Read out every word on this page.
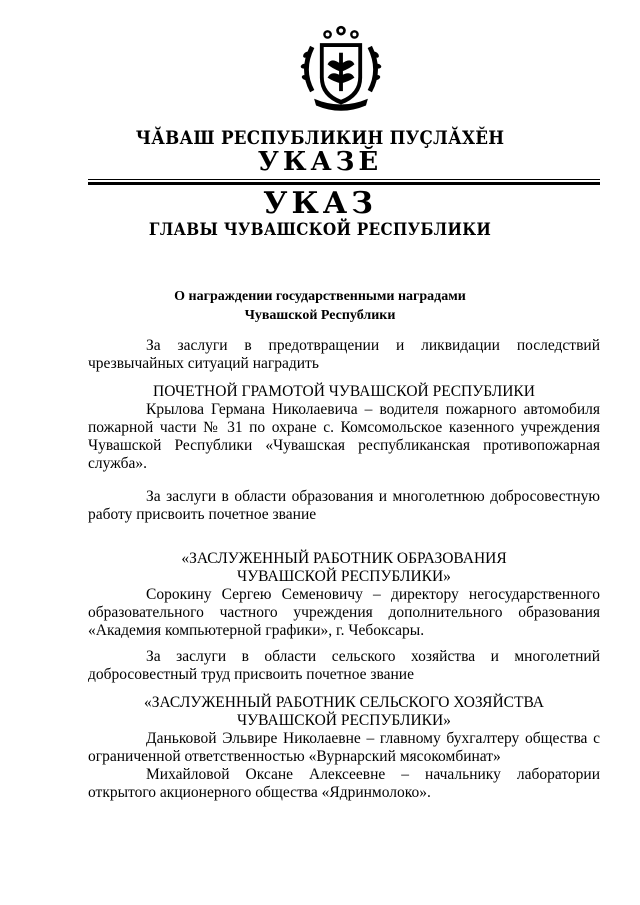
ЧӐВАШ РЕСПУБЛИКИН ПУҪЛӐХӖН
УКАЗӖ
УКАЗ
ГЛАВЫ ЧУВАШСКОЙ РЕСПУБЛИКИ
О награждении государственными наградами
Чувашской Республики

За заслуги в предотвращении и ликвидации последствий чрезвычайных ситуаций наградить

ПОЧЕТНОЙ ГРАМОТОЙ ЧУВАШСКОЙ РЕСПУБЛИКИ

Крылова Германа Николаевича – водителя пожарного автомобиля пожарной части № 31 по охране с. Комсомольское казенного учреждения Чувашской Республики «Чувашская республиканская противопожарная служба».

За заслуги в области образования и многолетнюю добросовестную работу присвоить почетное звание

«ЗАСЛУЖЕННЫЙ РАБОТНИК ОБРАЗОВАНИЯ

ЧУВАШСКОЙ РЕСПУБЛИКИ»

Сорокину Сергею Семеновичу – директору негосударственного образовательного частного учреждения дополнительного образования «Академия компьютерной графики», г. Чебоксары.

За заслуги в области сельского хозяйства и многолетний добросовестный труд присвоить почетное звание

«ЗАСЛУЖЕННЫЙ РАБОТНИК СЕЛЬСКОГО ХОЗЯЙСТВА

ЧУВАШСКОЙ РЕСПУБЛИКИ»

Даньковой Эльвире Николаевне – главному бухгалтеру общества с ограниченной ответственностью «Вурнарский мясокомбинат»

Михайловой Оксане Алексеевне – начальнику лаборатории открытого акционерного общества «Ядринмолоко».
